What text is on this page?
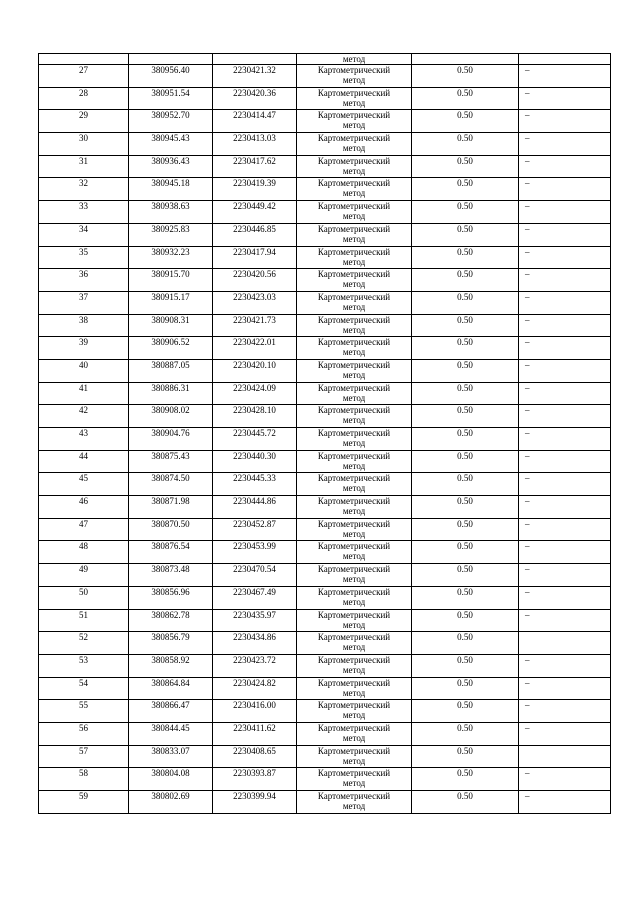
			метод		
27	380956.40	2230421.32	Картометрический
метод	0.50	–
28	380951.54	2230420.36	Картометрический
метод	0.50	–
29	380952.70	2230414.47	Картометрический
метод	0.50	–
30	380945.43	2230413.03	Картометрический
метод	0.50	–
31	380936.43	2230417.62	Картометрический
метод	0.50	–
32	380945.18	2230419.39	Картометрический
метод	0.50	–
33	380938.63	2230449.42	Картометрический
метод	0.50	–
34	380925.83	2230446.85	Картометрический
метод	0.50	–
35	380932.23	2230417.94	Картометрический
метод	0.50	–
36	380915.70	2230420.56	Картометрический
метод	0.50	–
37	380915.17	2230423.03	Картометрический
метод	0.50	–
38	380908.31	2230421.73	Картометрический
метод	0.50	–
39	380906.52	2230422.01	Картометрический
метод	0.50	–
40	380887.05	2230420.10	Картометрический
метод	0.50	–
41	380886.31	2230424.09	Картометрический
метод	0.50	–
42	380908.02	2230428.10	Картометрический
метод	0.50	–
43	380904.76	2230445.72	Картометрический
метод	0.50	–
44	380875.43	2230440.30	Картометрический
метод	0.50	–
45	380874.50	2230445.33	Картометрический
метод	0.50	–
46	380871.98	2230444.86	Картометрический
метод	0.50	–
47	380870.50	2230452.87	Картометрический
метод	0.50	–
48	380876.54	2230453.99	Картометрический
метод	0.50	–
49	380873.48	2230470.54	Картометрический
метод	0.50	–
50	380856.96	2230467.49	Картометрический
метод	0.50	–
51	380862.78	2230435.97	Картометрический
метод	0.50	–
52	380856.79	2230434.86	Картометрический
метод	0.50	
53	380858.92	2230423.72	Картометрический
метод	0.50	–
54	380864.84	2230424.82	Картометрический
метод	0.50	–
55	380866.47	2230416.00	Картометрический
метод	0.50	–
56	380844.45	2230411.62	Картометрический
метод	0.50	–
57	380833.07	2230408.65	Картометрический
метод	0.50	
58	380804.08	2230393.87	Картометрический
метод	0.50	–
59	380802.69	2230399.94	Картометрический
метод	0.50	–
